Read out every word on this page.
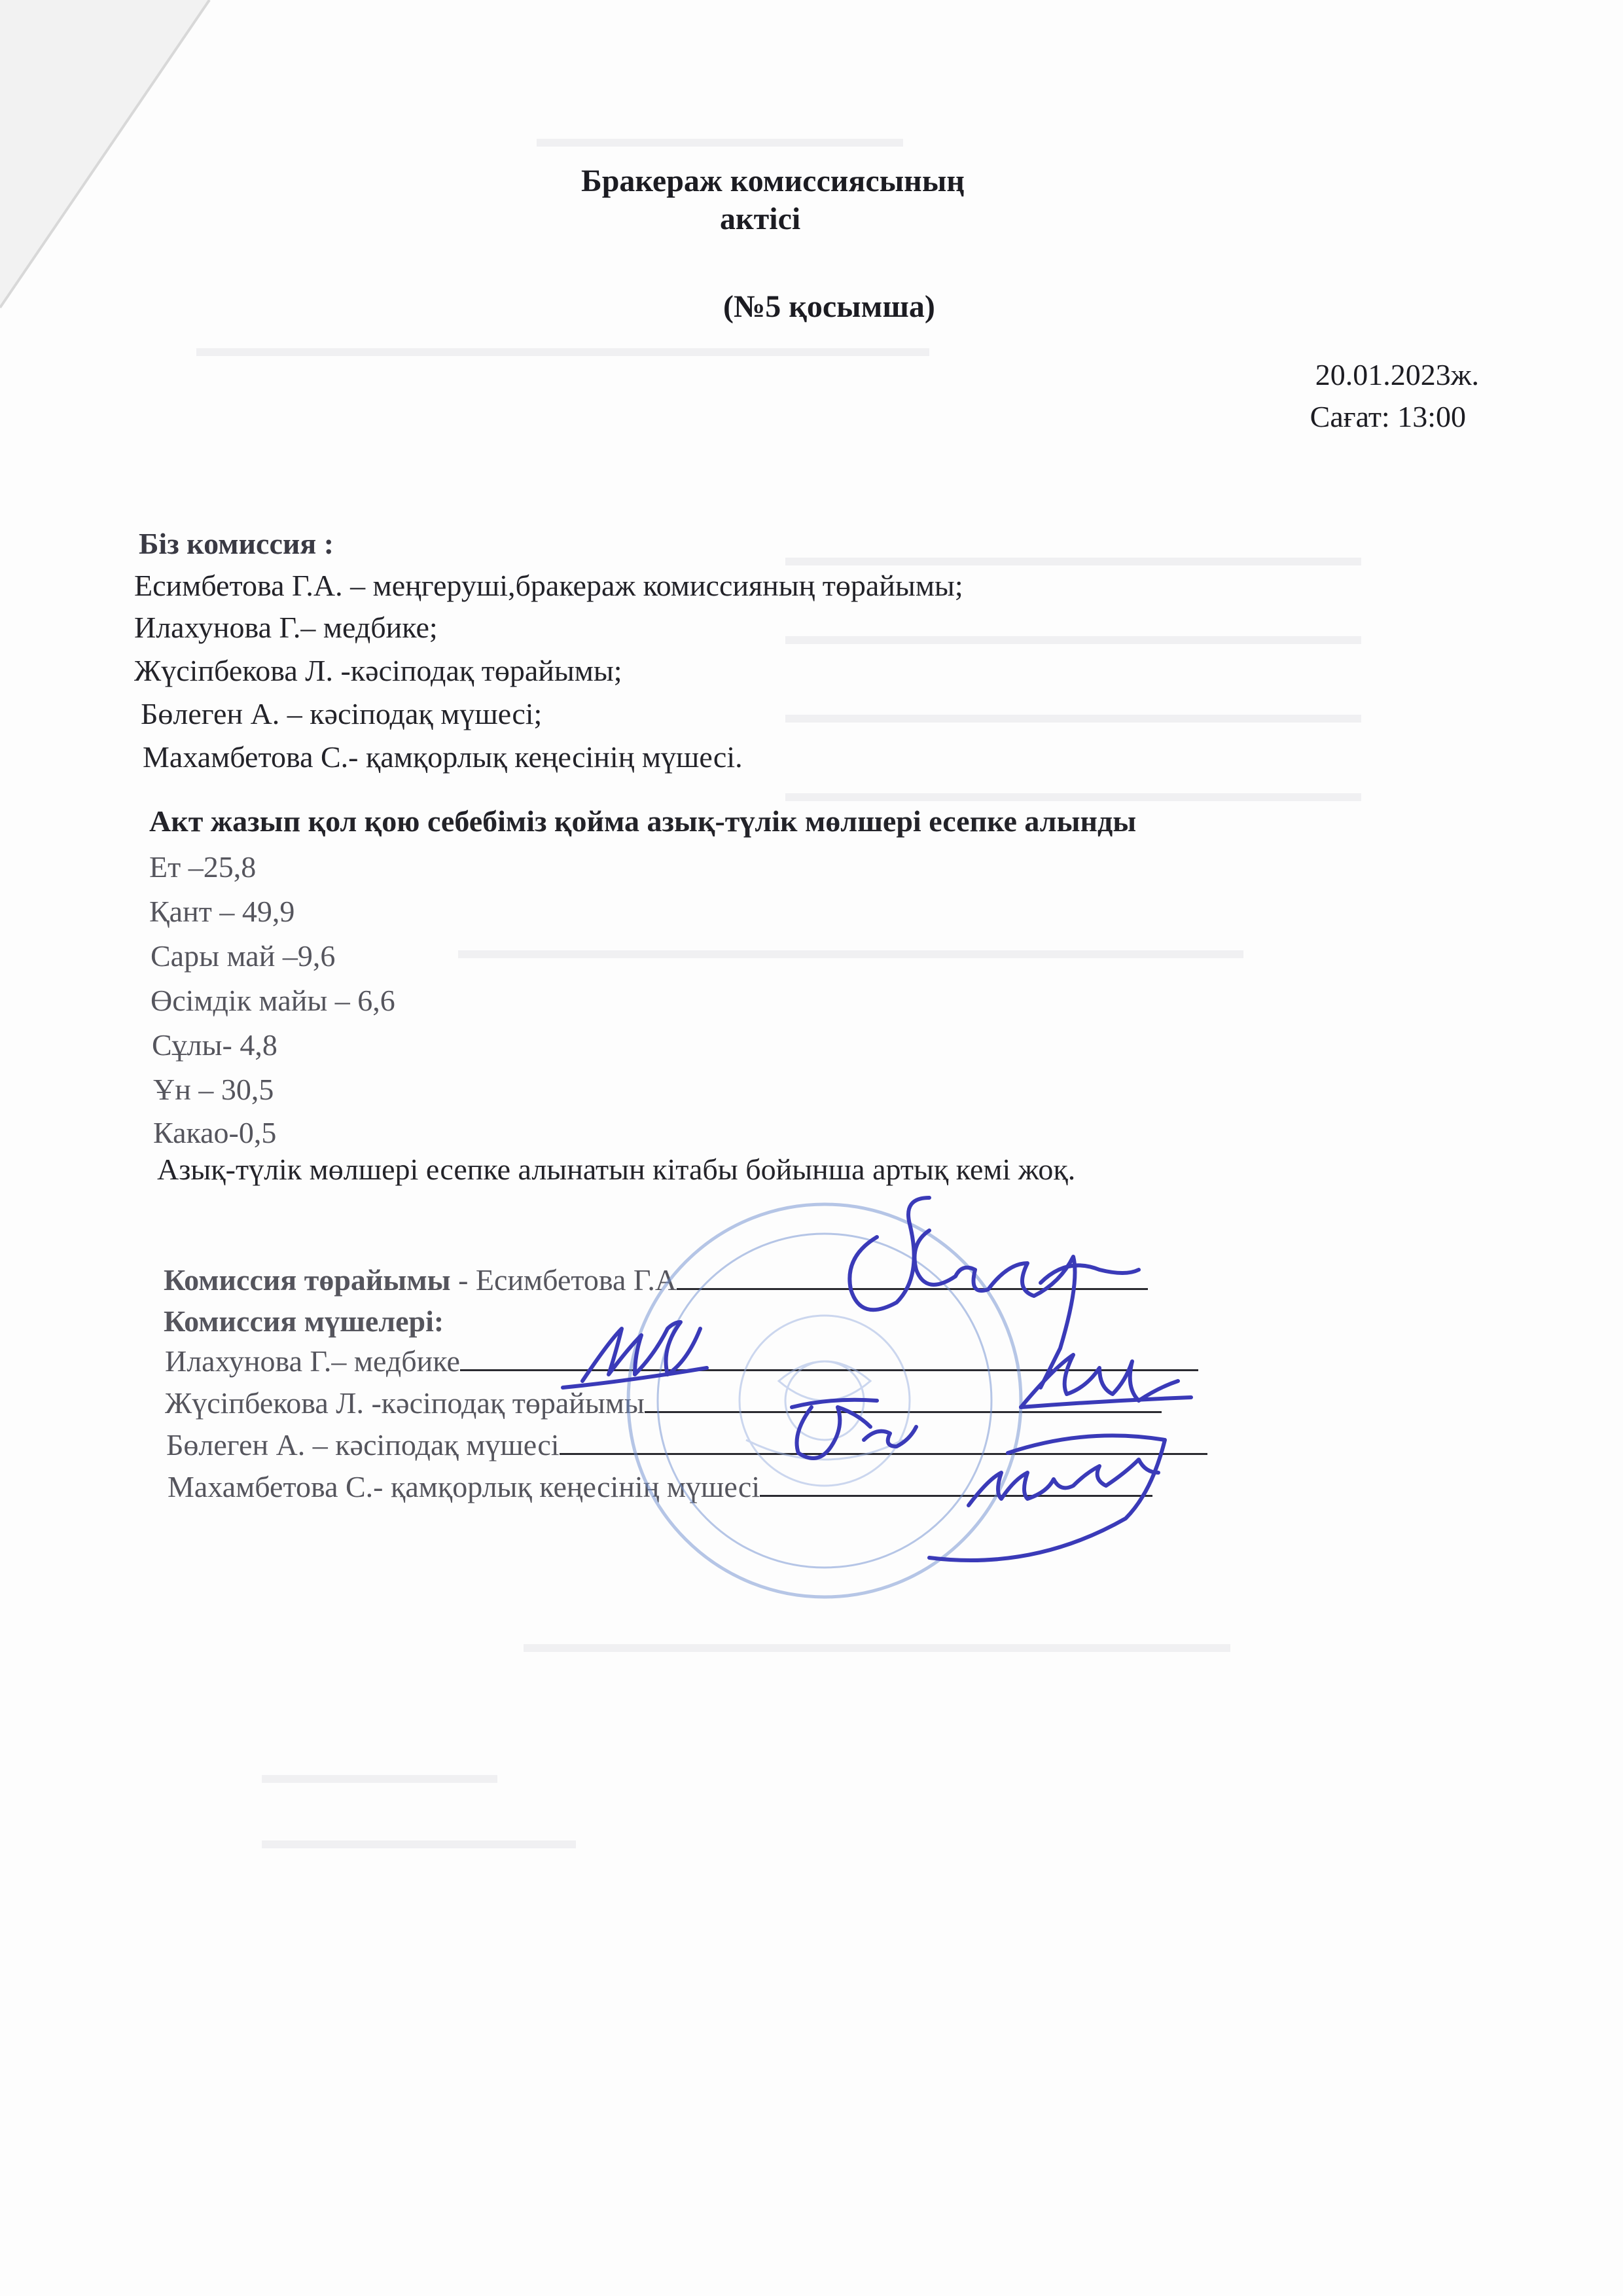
▬▬▬▬▬▬▬▬▬▬▬▬▬▬
▬▬▬▬▬▬▬▬▬▬▬▬▬▬▬▬▬▬▬▬▬▬▬▬▬▬▬▬
▬▬▬▬▬▬▬▬▬▬▬▬▬▬▬▬▬▬▬▬▬▬
▬▬▬▬▬▬▬▬▬▬▬▬▬▬▬▬▬▬▬▬▬▬
▬▬▬▬▬▬▬▬▬▬▬▬▬▬▬▬▬▬▬▬▬▬
▬▬▬▬▬▬▬▬▬▬▬▬▬▬▬▬▬▬▬▬▬▬
▬▬▬▬▬▬▬▬▬▬▬▬▬▬▬▬▬▬▬▬▬▬▬▬▬▬▬▬▬▬
▬▬▬▬▬▬▬▬▬▬▬▬▬▬▬▬▬▬▬▬▬▬▬▬▬▬▬
▬▬▬▬▬▬▬▬▬
▬▬▬▬▬▬▬▬▬▬▬▬
Бракераж комиссиясының
актісі
(№5 қосымша)
20.01.2023ж.
Сағат: 13:00
Біз комиссия :
Есимбетова Г.А. – меңгеруші,бракераж комиссияның төрайымы;
Илахунова Г.– медбике;
Жүсіпбекова Л. -кәсіподақ төрайымы;
Бөлеген А. – кәсіподақ мүшесі;
Махамбетова С.- қамқорлық кеңесінің мүшесі.
Акт жазып қол қою себебіміз қойма азық-түлік мөлшері есепке алынды
Ет –25,8
Қант – 49,9
Сары май –9,6
Өсімдік майы – 6,6
Сұлы- 4,8
Ұн – 30,5
Какао-0,5
Азық-түлік мөлшері есепке алынатын кітабы бойынша артық кемі жоқ.
Комиссия төрайымы - Есимбетова Г.А
Комиссия мүшелері:
Илахунова Г.– медбике
Жүсіпбекова Л. -кәсіподақ төрайымы
Бөлеген А. – кәсіподақ мүшесі
Махамбетова С.- қамқорлық кеңесінің мүшесі
